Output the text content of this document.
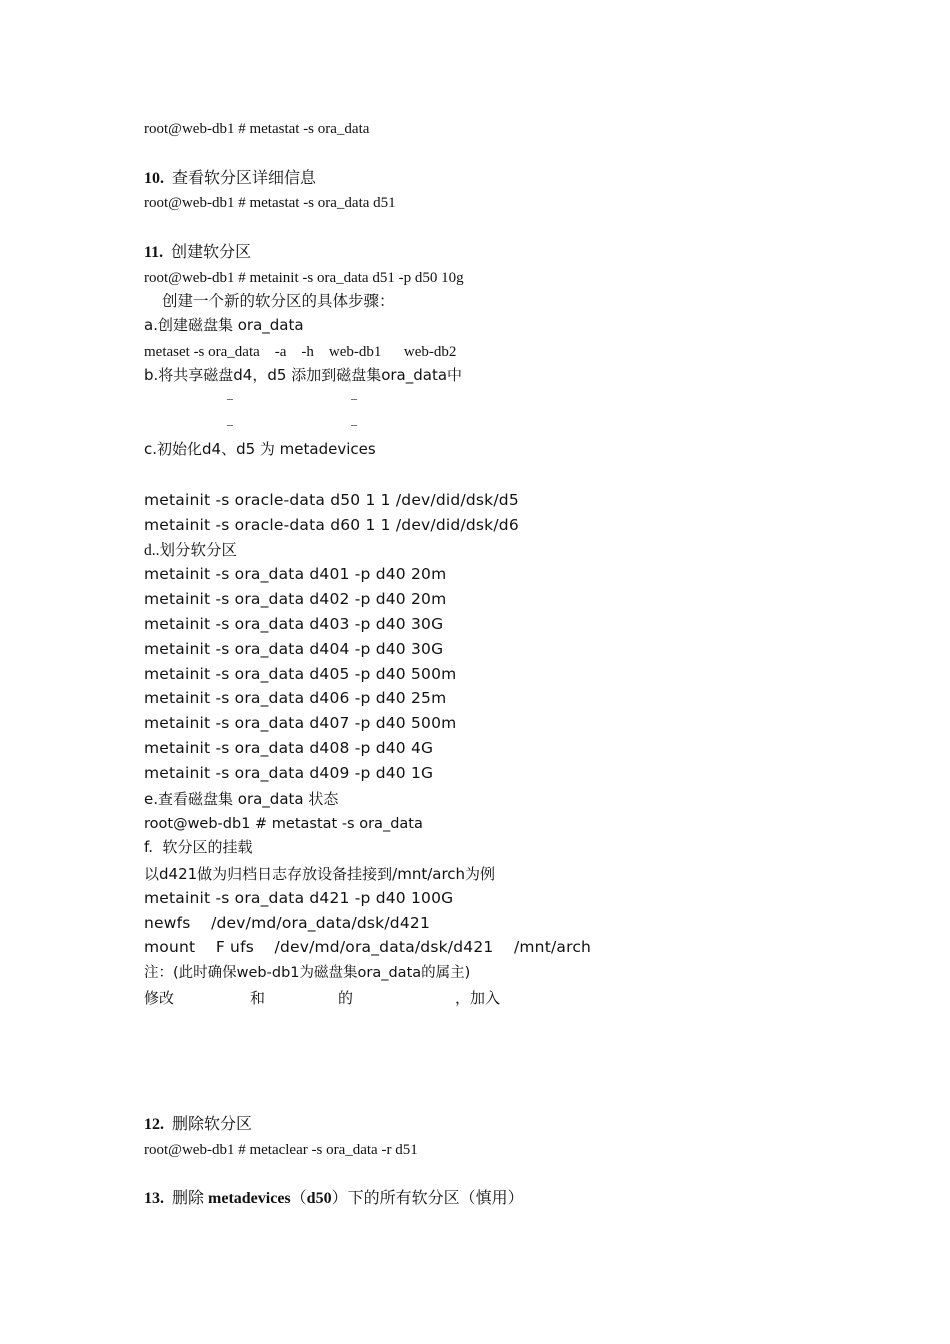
root@web-db1 # metastat -s ora_data
10. 查看软分区详细信息
root@web-db1 # metastat -s ora_data d51
11. 创建软分区
root@web-db1 # metainit -s ora_data d51 -p d50 10g
创建一个新的软分区的具体步骤：
a.创建磁盘集 ora_data
metaset -s ora_data    -a    -h    web-db1      web-db2
b.将共享磁盘d4，d5 添加到磁盘集ora_data中
–	–
–	–
c.初始化d4、d5 为 metadevices
metainit -s oracle-data d50 1 1 /dev/did/dsk/d5
metainit -s oracle-data d60 1 1 /dev/did/dsk/d6
d..划分软分区
metainit -s ora_data d401 -p d40 20m
metainit -s ora_data d402 -p d40 20m
metainit -s ora_data d403 -p d40 30G
metainit -s ora_data d404 -p d40 30G
metainit -s ora_data d405 -p d40 500m
metainit -s ora_data d406 -p d40 25m
metainit -s ora_data d407 -p d40 500m
metainit -s ora_data d408 -p d40 4G
metainit -s ora_data d409 -p d40 1G
e.查看磁盘集 ora_data 状态
root@web-db1 # metastat -s ora_data
f.  软分区的挂载
以d421做为归档日志存放设备挂接到/mnt/arch为例
metainit -s ora_data d421 -p d40 100G
newfs    /dev/md/ora_data/dsk/d421
mount    F ufs    /dev/md/ora_data/dsk/d421    /mnt/arch
注：(此时确保web-db1为磁盘集ora_data的属主)
修改	和	的	，加入
12. 删除软分区
root@web-db1 # metaclear -s ora_data -r d51
13. 删除 metadevices（d50）下的所有软分区（慎用）
